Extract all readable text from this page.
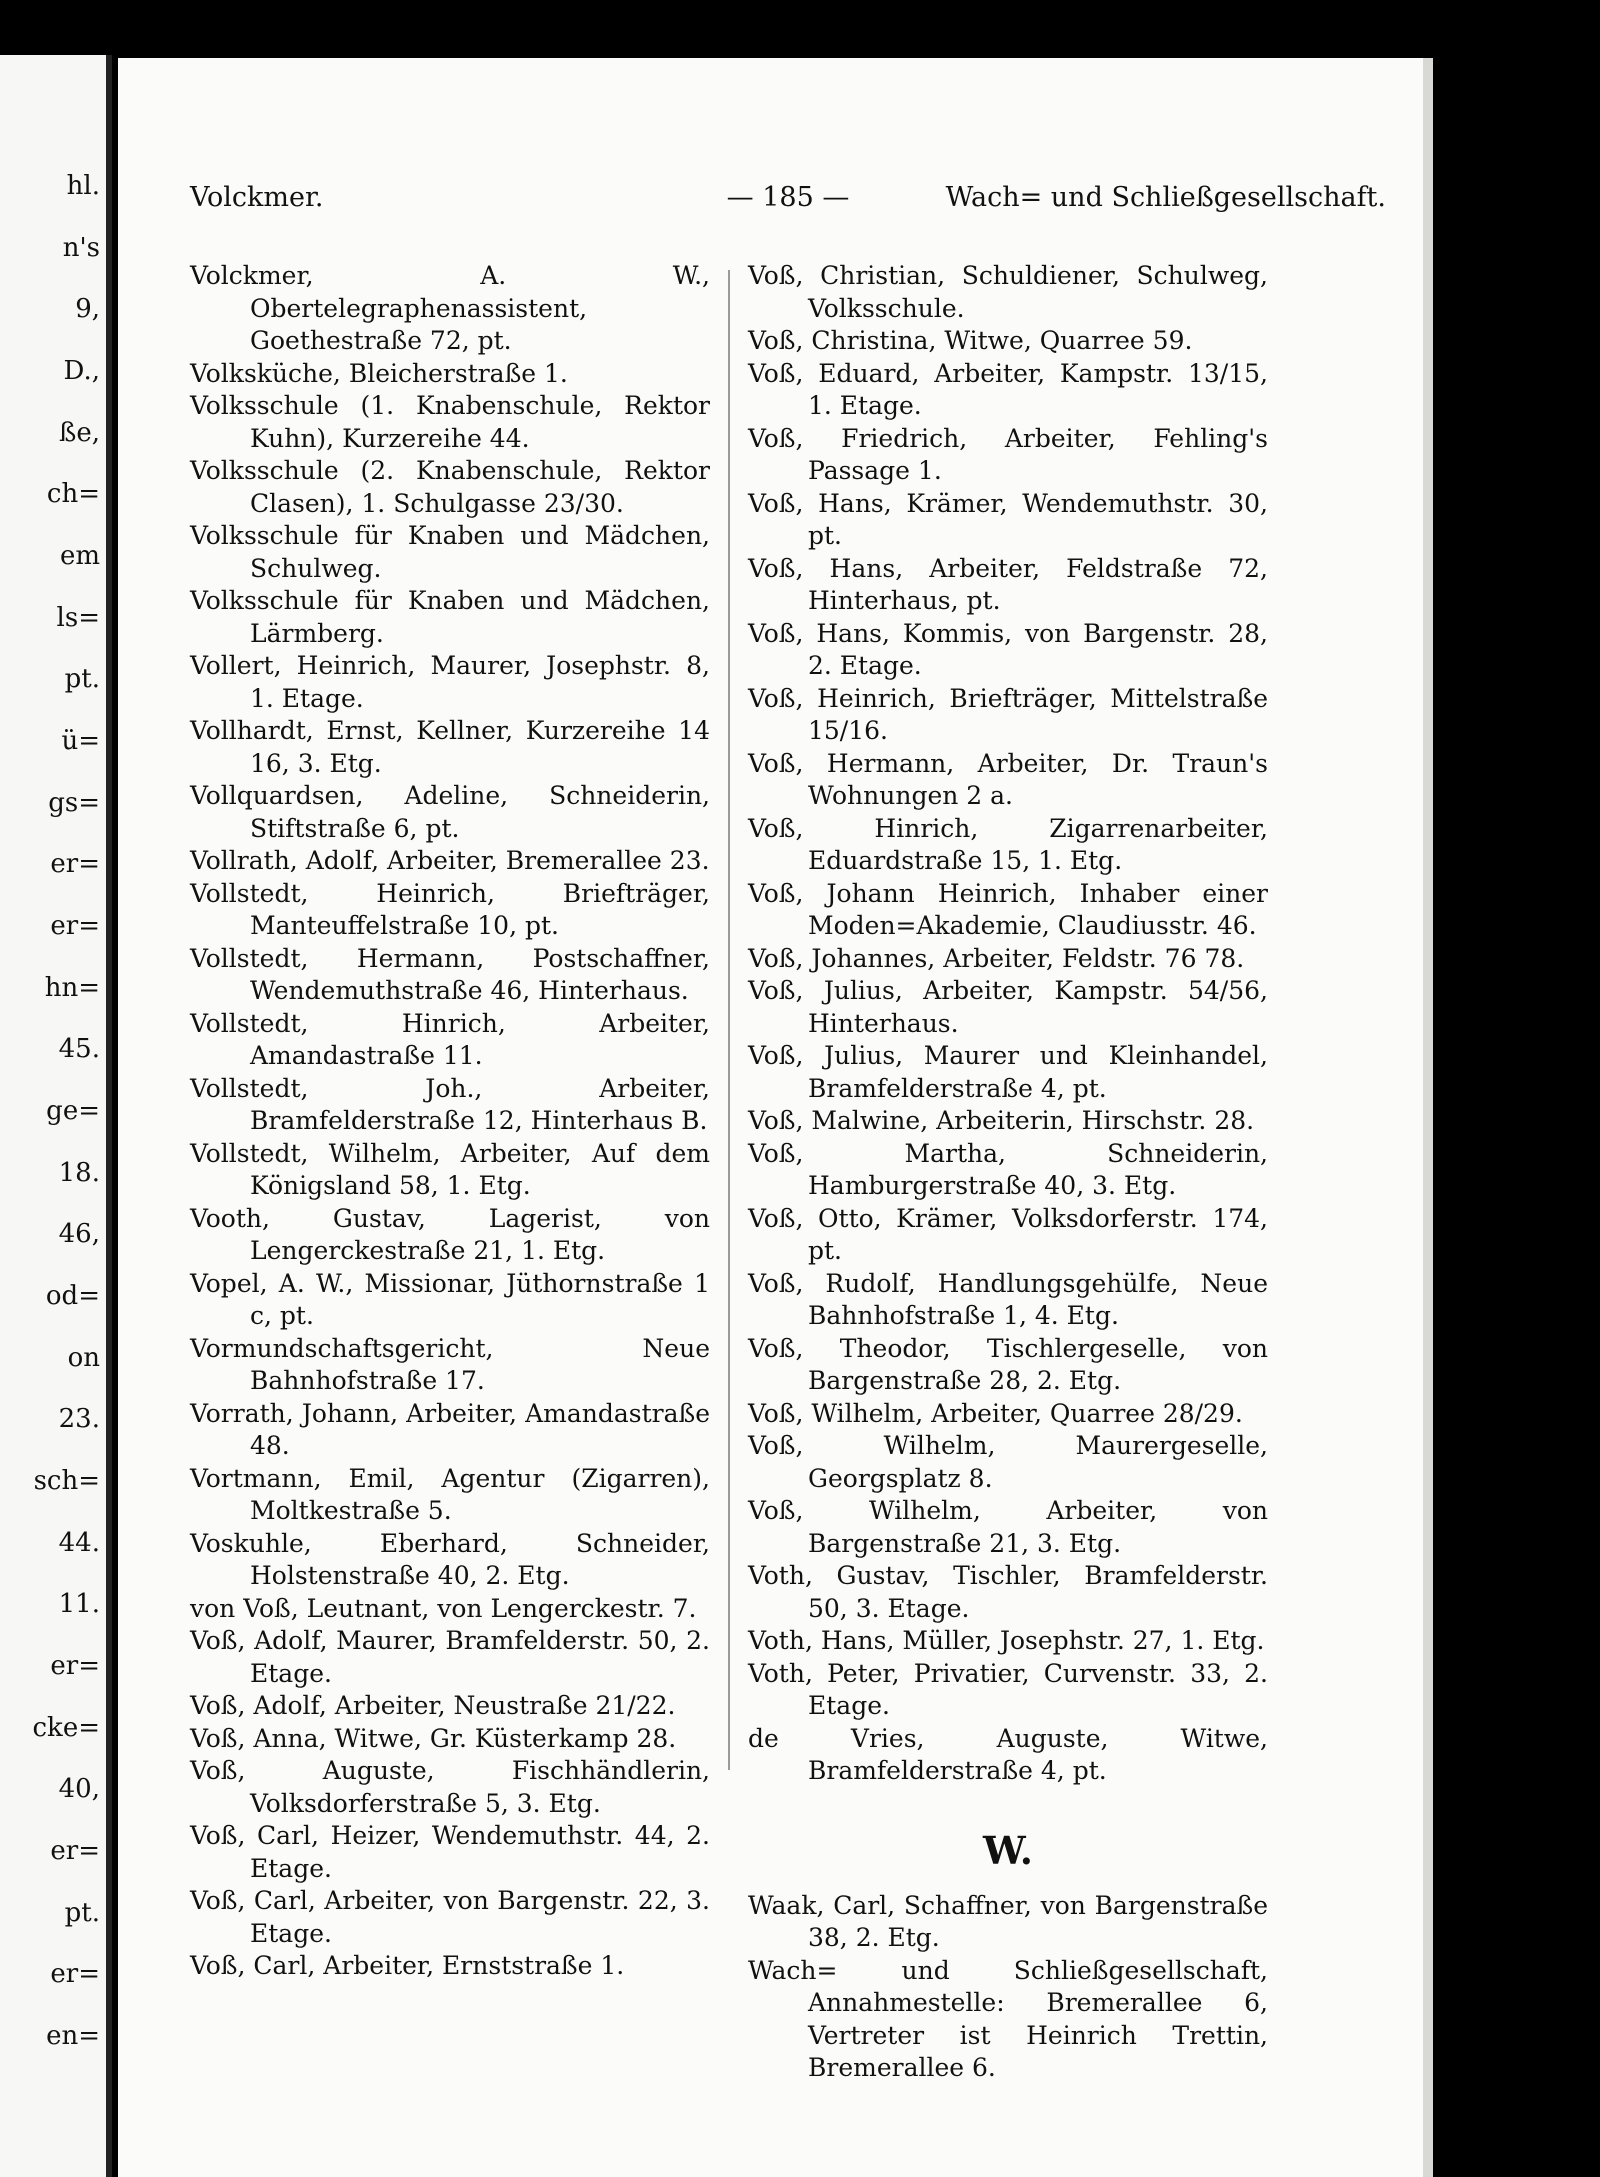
hl.
n's
9,
D.,
ße,
ch=
em
ls=
pt.
ü=
gs=
er=
er=
hn=
45.
ge=
18.
46,
od=
on
23.
sch=
44.
11.
er=
cke=
40,
er=
pt.
er=
en=
Volckmer.	— 185 —	Wach= und Schließgesellschaft.
Volckmer, A. W., Obertelegraphenassistent, Goethestraße 72, pt.
Volksküche, Bleicherstraße 1.
Volksschule (1. Knabenschule, Rektor Kuhn), Kurzereihe 44.
Volksschule (2. Knabenschule, Rektor Clasen), 1. Schulgasse 23/30.
Volksschule für Knaben und Mädchen, Schulweg.
Volksschule für Knaben und Mädchen, Lärmberg.
Vollert, Heinrich, Maurer, Josephstr. 8, 1. Etage.
Vollhardt, Ernst, Kellner, Kurzereihe 14 16, 3. Etg.
Vollquardsen, Adeline, Schneiderin, Stiftstraße 6, pt.
Vollrath, Adolf, Arbeiter, Bremerallee 23.
Vollstedt, Heinrich, Briefträger, Manteuffelstraße 10, pt.
Vollstedt, Hermann, Postschaffner, Wendemuthstraße 46, Hinterhaus.
Vollstedt, Hinrich, Arbeiter, Amandastraße 11.
Vollstedt, Joh., Arbeiter, Bramfelderstraße 12, Hinterhaus B.
Vollstedt, Wilhelm, Arbeiter, Auf dem Königsland 58, 1. Etg.
Vooth, Gustav, Lagerist, von Lengerckestraße 21, 1. Etg.
Vopel, A. W., Missionar, Jüthornstraße 1 c, pt.
Vormundschaftsgericht, Neue Bahnhofstraße 17.
Vorrath, Johann, Arbeiter, Amandastraße 48.
Vortmann, Emil, Agentur (Zigarren), Moltkestraße 5.
Voskuhle, Eberhard, Schneider, Holstenstraße 40, 2. Etg.
von Voß, Leutnant, von Lengerckestr. 7.
Voß, Adolf, Maurer, Bramfelderstr. 50, 2. Etage.
Voß, Adolf, Arbeiter, Neustraße 21/22.
Voß, Anna, Witwe, Gr. Küsterkamp 28.
Voß, Auguste, Fischhändlerin, Volksdorferstraße 5, 3. Etg.
Voß, Carl, Heizer, Wendemuthstr. 44, 2. Etage.
Voß, Carl, Arbeiter, von Bargenstr. 22, 3. Etage.
Voß, Carl, Arbeiter, Ernststraße 1.
Voß, Christian, Schuldiener, Schulweg, Volksschule.
Voß, Christina, Witwe, Quarree 59.
Voß, Eduard, Arbeiter, Kampstr. 13/15, 1. Etage.
Voß, Friedrich, Arbeiter, Fehling's Passage 1.
Voß, Hans, Krämer, Wendemuthstr. 30, pt.
Voß, Hans, Arbeiter, Feldstraße 72, Hinterhaus, pt.
Voß, Hans, Kommis, von Bargenstr. 28, 2. Etage.
Voß, Heinrich, Briefträger, Mittelstraße 15/16.
Voß, Hermann, Arbeiter, Dr. Traun's Wohnungen 2 a.
Voß, Hinrich, Zigarrenarbeiter, Eduardstraße 15, 1. Etg.
Voß, Johann Heinrich, Inhaber einer Moden=Akademie, Claudiusstr. 46.
Voß, Johannes, Arbeiter, Feldstr. 76 78.
Voß, Julius, Arbeiter, Kampstr. 54/56, Hinterhaus.
Voß, Julius, Maurer und Kleinhandel, Bramfelderstraße 4, pt.
Voß, Malwine, Arbeiterin, Hirschstr. 28.
Voß, Martha, Schneiderin, Hamburgerstraße 40, 3. Etg.
Voß, Otto, Krämer, Volksdorferstr. 174, pt.
Voß, Rudolf, Handlungsgehülfe, Neue Bahnhofstraße 1, 4. Etg.
Voß, Theodor, Tischlergeselle, von Bargenstraße 28, 2. Etg.
Voß, Wilhelm, Arbeiter, Quarree 28/29.
Voß, Wilhelm, Maurergeselle, Georgsplatz 8.
Voß, Wilhelm, Arbeiter, von Bargenstraße 21, 3. Etg.
Voth, Gustav, Tischler, Bramfelderstr. 50, 3. Etage.
Voth, Hans, Müller, Josephstr. 27, 1. Etg.
Voth, Peter, Privatier, Curvenstr. 33, 2. Etage.
de Vries, Auguste, Witwe, Bramfelderstraße 4, pt.
W.
Waak, Carl, Schaffner, von Bargenstraße 38, 2. Etg.
Wach= und Schließgesellschaft, Annahmestelle: Bremerallee 6, Vertreter ist Heinrich Trettin, Bremerallee 6.
